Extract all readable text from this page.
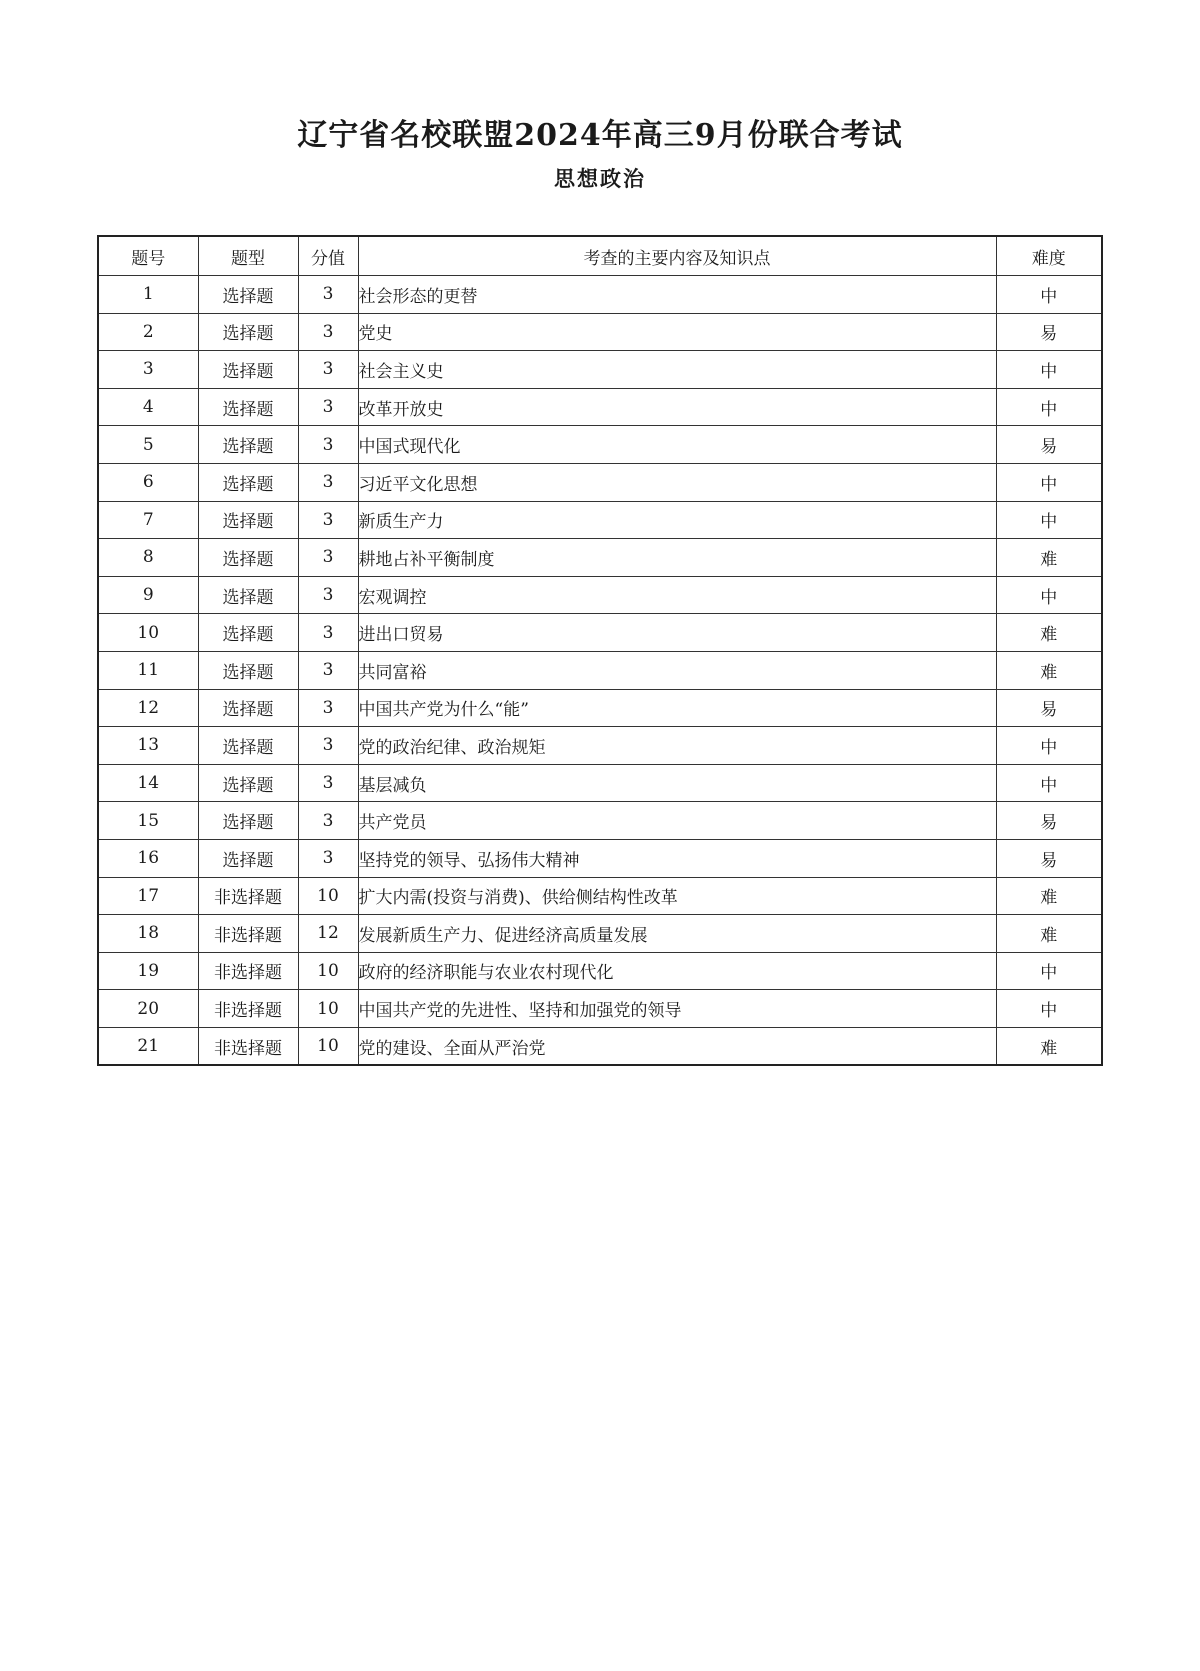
辽宁省名校联盟2024年高三9月份联合考试
思想政治
题号	题型	分值	考查的主要内容及知识点	难度
1	选择题	3	社会形态的更替	中
2	选择题	3	党史	易
3	选择题	3	社会主义史	中
4	选择题	3	改革开放史	中
5	选择题	3	中国式现代化	易
6	选择题	3	习近平文化思想	中
7	选择题	3	新质生产力	中
8	选择题	3	耕地占补平衡制度	难
9	选择题	3	宏观调控	中
10	选择题	3	进出口贸易	难
11	选择题	3	共同富裕	难
12	选择题	3	中国共产党为什么“能”	易
13	选择题	3	党的政治纪律、政治规矩	中
14	选择题	3	基层减负	中
15	选择题	3	共产党员	易
16	选择题	3	坚持党的领导、弘扬伟大精神	易
17	非选择题	10	扩大内需(投资与消费)、供给侧结构性改革	难
18	非选择题	12	发展新质生产力、促进经济高质量发展	难
19	非选择题	10	政府的经济职能与农业农村现代化	中
20	非选择题	10	中国共产党的先进性、坚持和加强党的领导	中
21	非选择题	10	党的建设、全面从严治党	难
